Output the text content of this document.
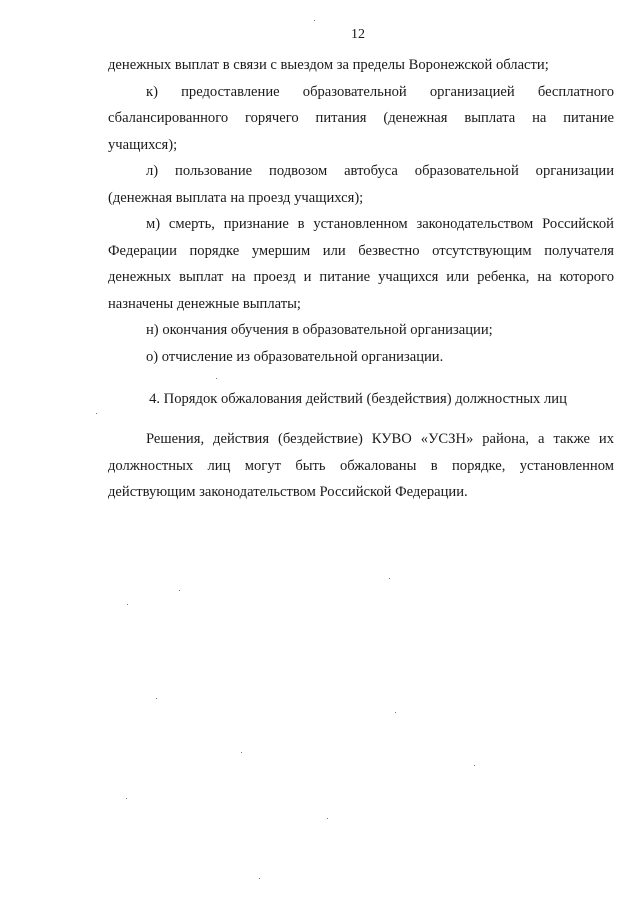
12
денежных выплат в связи с выездом за пределы Воронежской области;
к) предоставление образовательной организацией бесплатного
сбалансированного горячего питания (денежная выплата на питание
учащихся);
л) пользование подвозом автобуса образовательной организации
(денежная выплата на проезд учащихся);
м) смерть, признание в установленном законодательством Российской
Федерации порядке умершим или безвестно отсутствующим получателя
денежных выплат на проезд и питание учащихся или ребенка, на которого
назначены денежные выплаты;
н) окончания обучения в образовательной организации;
о) отчисление из образовательной организации.
4. Порядок обжалования действий (бездействия) должностных лиц
Решения, действия (бездействие) КУВО «УСЗН» района, а также их
должностных лиц могут быть обжалованы в порядке, установленном
действующим законодательством Российской Федерации.
